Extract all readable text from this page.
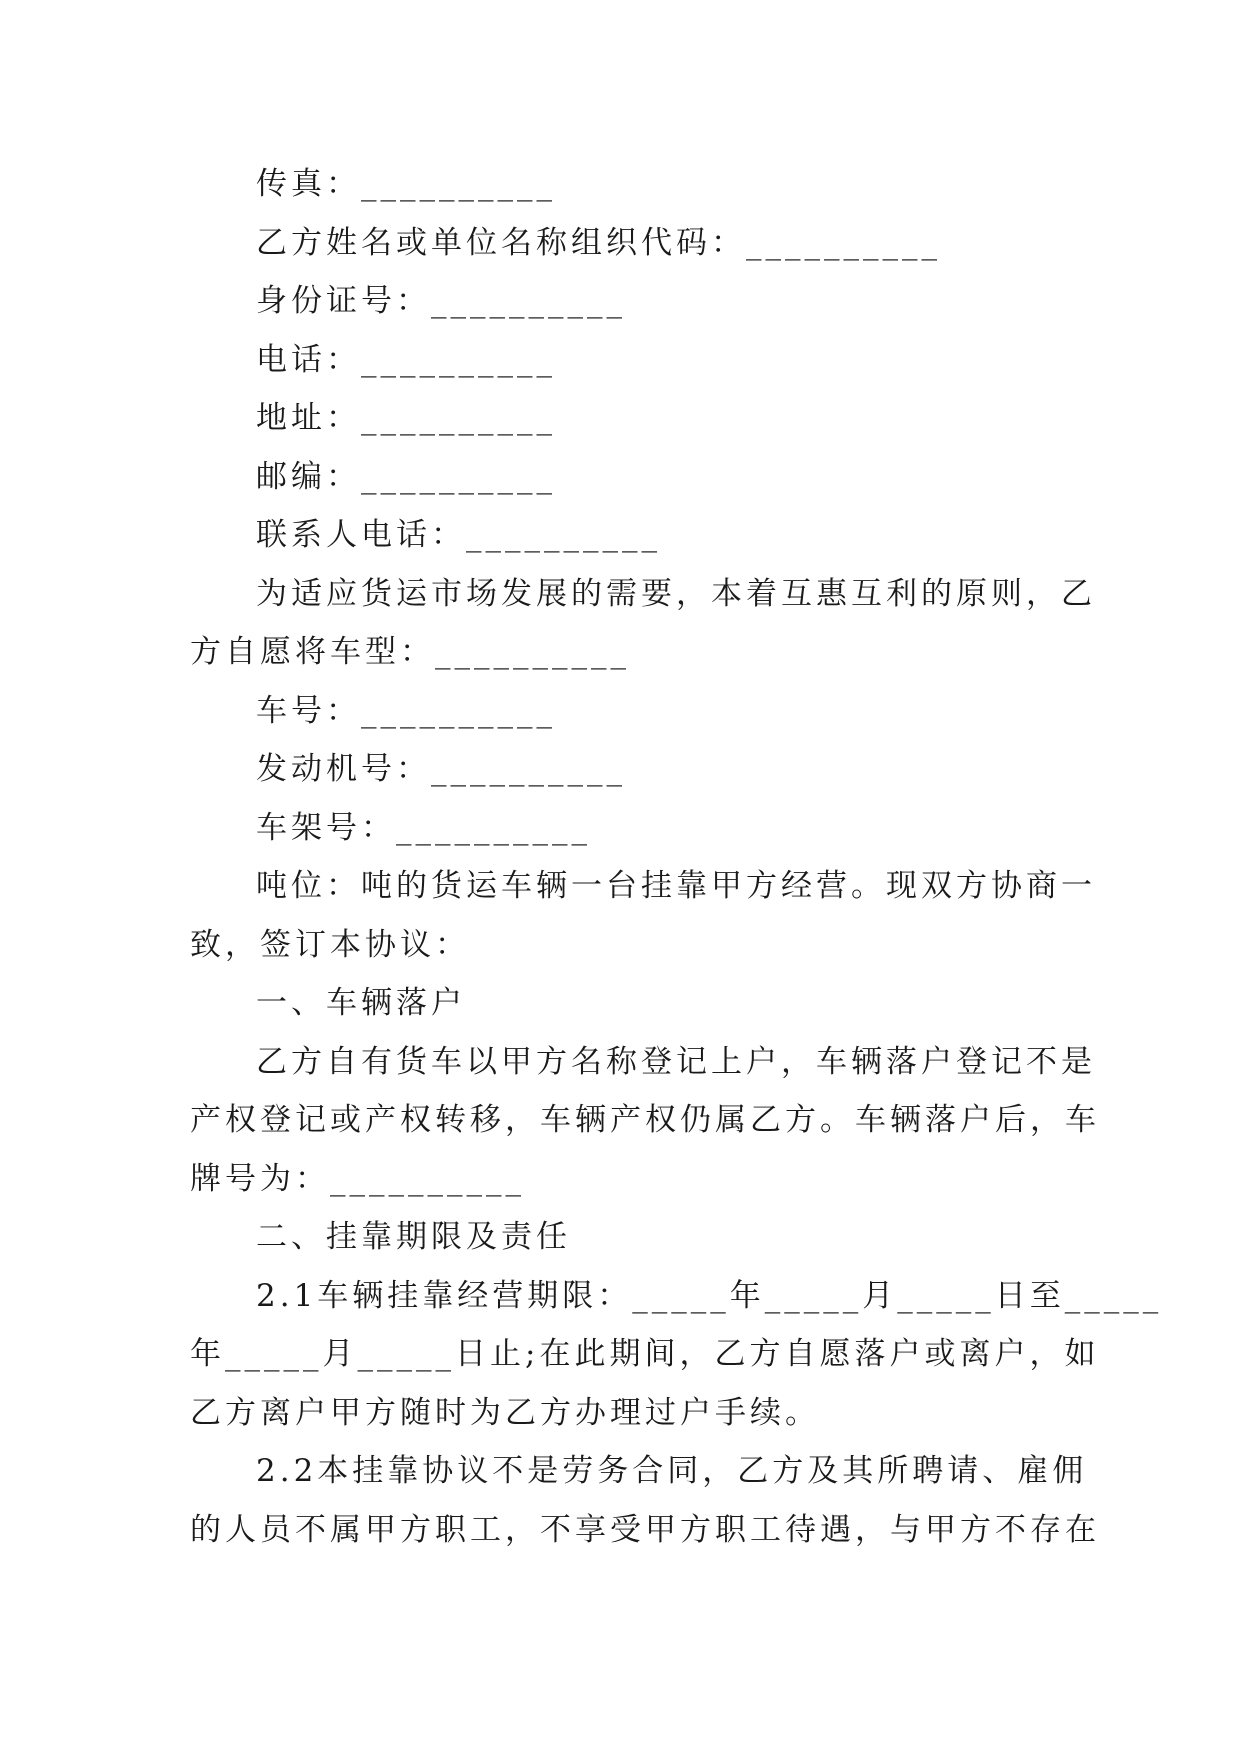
传真：__________
乙方姓名或单位名称组织代码：__________
身份证号：__________
电话：__________
地址：__________
邮编：__________
联系人电话：__________
为适应货运市场发展的需要，本着互惠互利的原则，乙
方自愿将车型：__________
车号：__________
发动机号：__________
车架号：__________
吨位：吨的货运车辆一台挂靠甲方经营。现双方协商一
致，签订本协议：
一、车辆落户
乙方自有货车以甲方名称登记上户，车辆落户登记不是
产权登记或产权转移，车辆产权仍属乙方。车辆落户后，车
牌号为：__________
二、挂靠期限及责任
2.1车辆挂靠经营期限：_____年_____月_____日至_____
年_____月_____日止;在此期间，乙方自愿落户或离户，如
乙方离户甲方随时为乙方办理过户手续。
2.2本挂靠协议不是劳务合同，乙方及其所聘请、雇佣
的人员不属甲方职工，不享受甲方职工待遇，与甲方不存在
